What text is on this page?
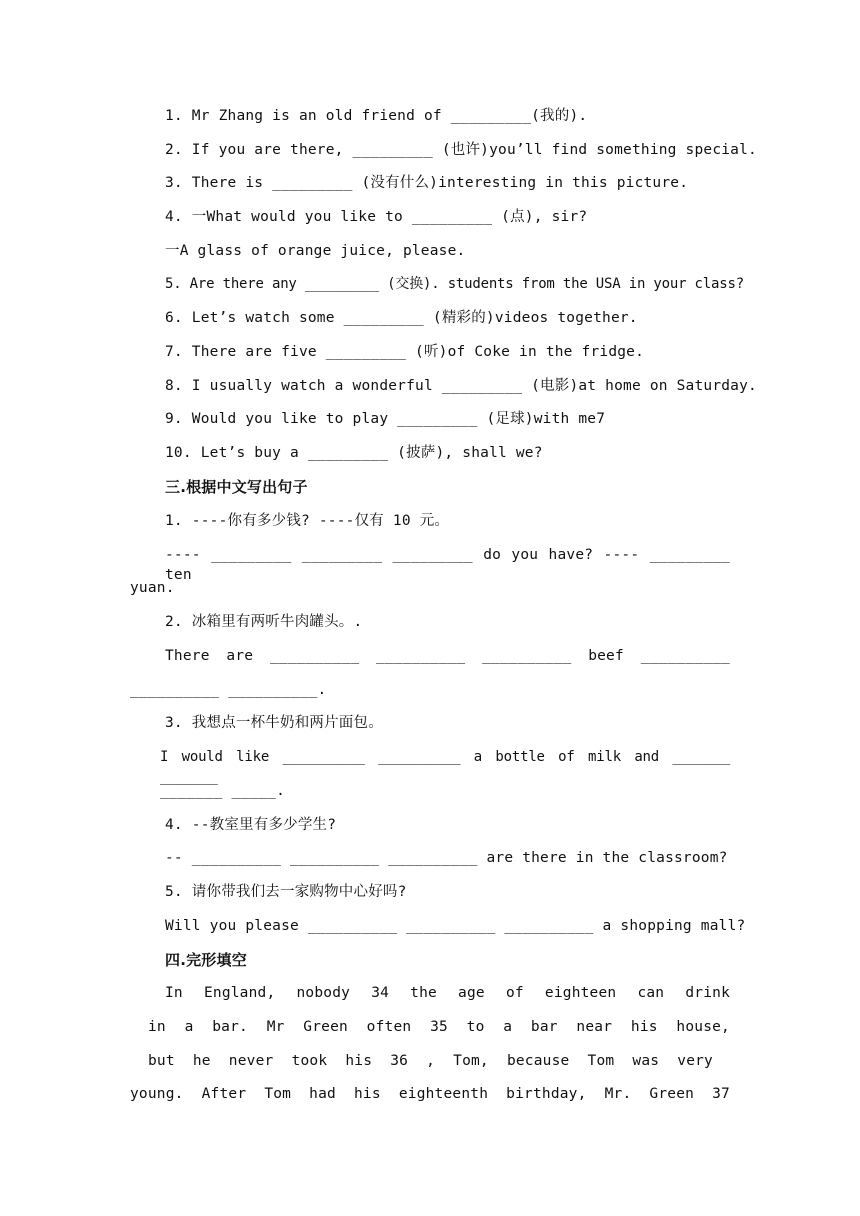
1. Mr Zhang is an old friend of _________(我的).
2. If you are there, _________ (也许)you’ll find something special.
3. There is _________ (没有什么)interesting in this picture.
4. 一What would you like to _________ (点), sir?
一A glass of orange juice, please.
5. Are there any _________ (交换). students from the USA in your class?
6. Let’s watch some _________ (精彩的)videos together.
7. There are five _________ (听)of Coke in the fridge.
8. I usually watch a wonderful _________ (电影)at home on Saturday.
9. Would you like to play _________ (足球)with me7
10. Let’s buy a _________ (披萨), shall we?
三.根据中文写出句子
1. ----你有多少钱? ----仅有 10 元。
---- _________ _________ _________ do you have? ---- _________ ten
yuan.
2. 冰箱里有两听牛肉罐头。.
There are __________ __________ __________ beef __________
__________ __________.
3. 我想点一杯牛奶和两片面包。
I would like __________ __________ a bottle of milk and _______ _______
_______ _____.
4. --教室里有多少学生?
-- __________ __________ __________ are there in the classroom?
5. 请你带我们去一家购物中心好吗?
Will you please __________ __________ __________ a shopping mall?
四.完形填空
In England, nobody 34 the age of eighteen can drink
in a bar. Mr Green often 35 to a bar near his house,
but he never took his 36 , Tom, because Tom was very
young. After Tom had his eighteenth birthday, Mr. Green 37
